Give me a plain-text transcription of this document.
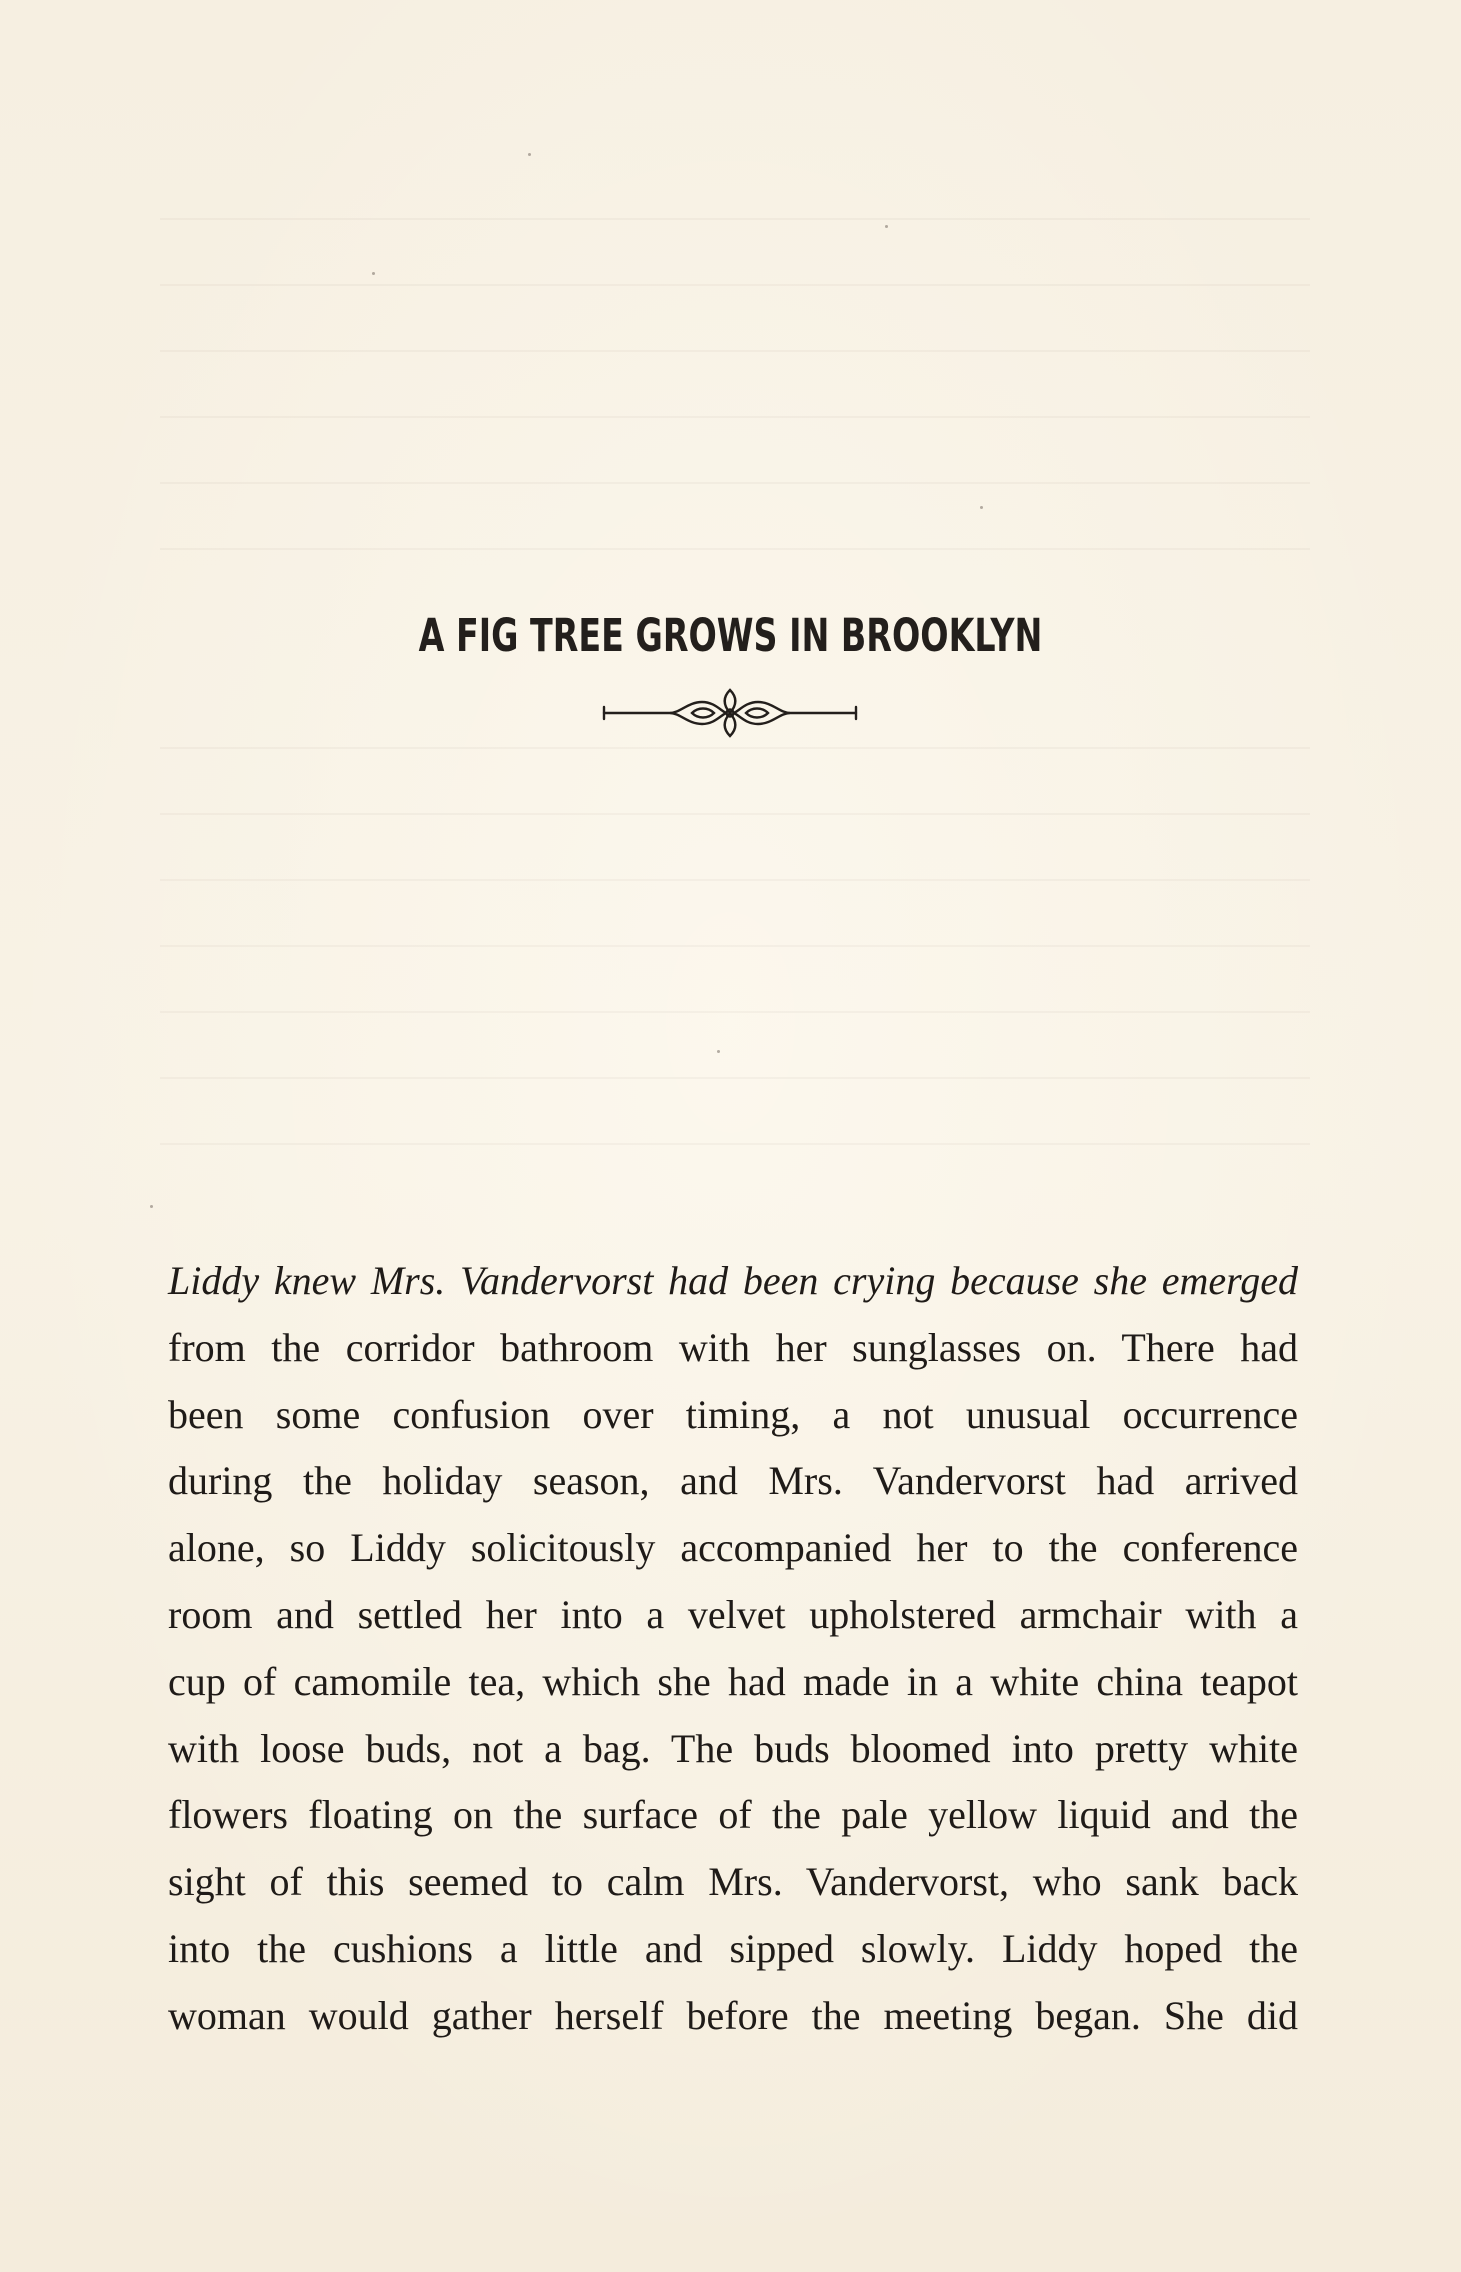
A FIG TREE GROWS IN BROOKLYN
Liddy knew Mrs. Vandervorst had been crying because she emerged
from the corridor bathroom with her sunglasses on. There had
been some confusion over timing, a not unusual occurrence
during the holiday season, and Mrs. Vandervorst had arrived
alone, so Liddy solicitously accompanied her to the conference
room and settled her into a velvet upholstered armchair with a
cup of camomile tea, which she had made in a white china teapot
with loose buds, not a bag. The buds bloomed into pretty white
flowers floating on the surface of the pale yellow liquid and the
sight of this seemed to calm Mrs. Vandervorst, who sank back
into the cushions a little and sipped slowly. Liddy hoped the
woman would gather herself before the meeting began. She did
